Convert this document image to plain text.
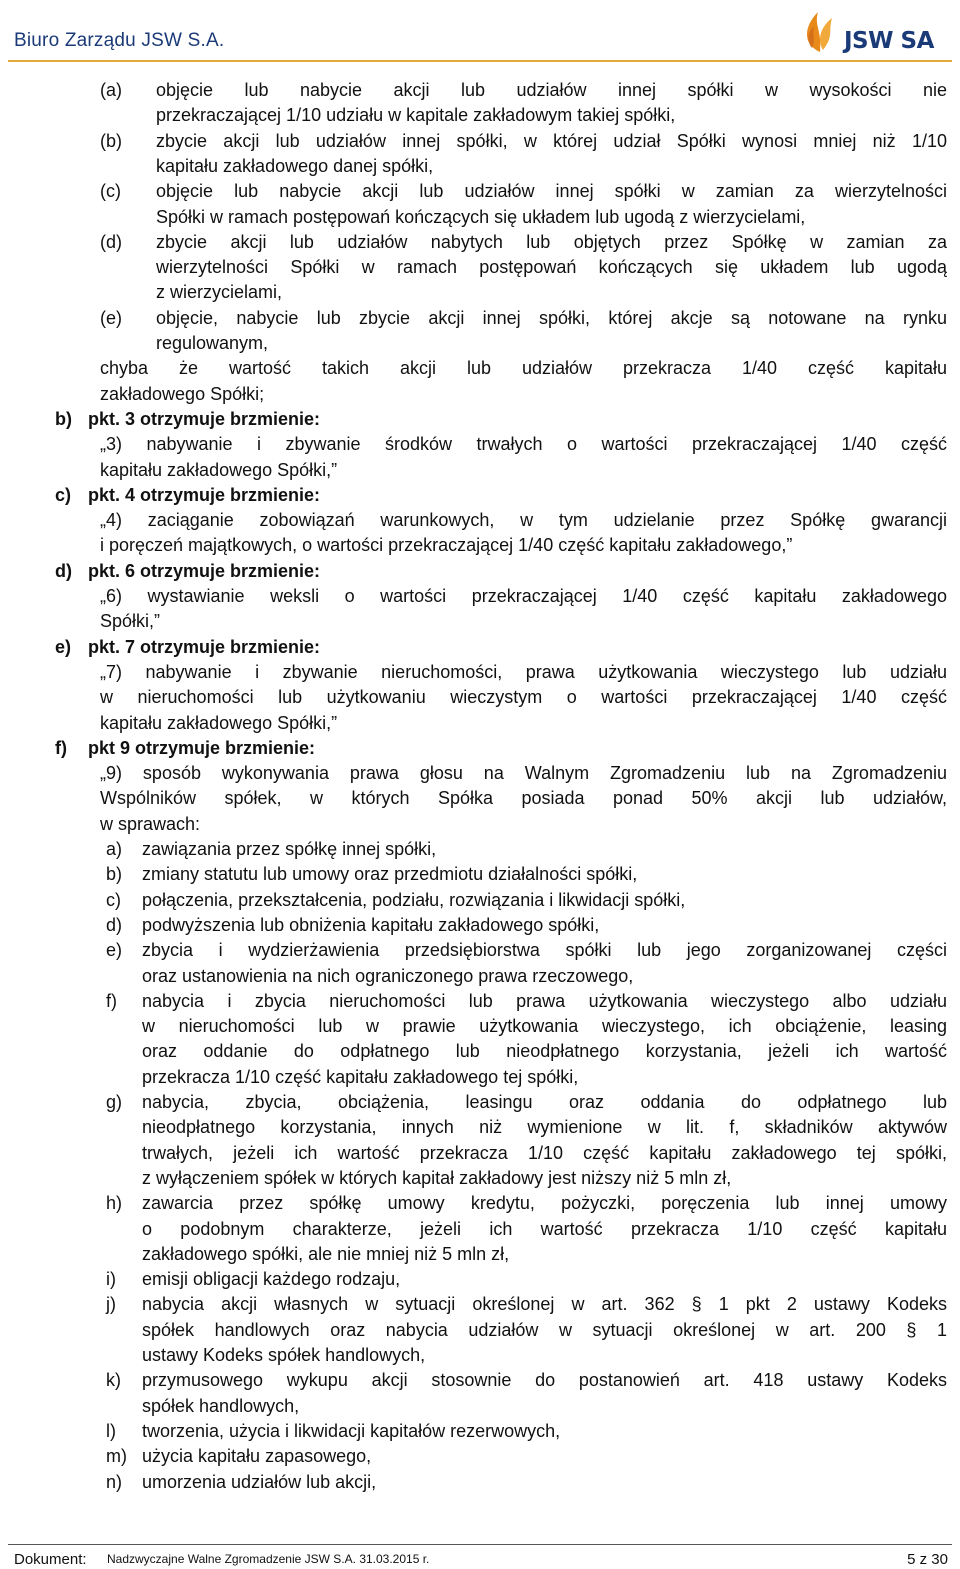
Biuro Zarządu JSW S.A.	JSW SA
(a) objęcie lub nabycie akcji lub udziałów innej spółki w wysokości nie
przekraczającej 1/10 udziału w kapitale zakładowym takiej spółki,
(b) zbycie akcji lub udziałów innej spółki, w której udział Spółki wynosi mniej niż 1/10
kapitału zakładowego danej spółki,
(c) objęcie lub nabycie akcji lub udziałów innej spółki w zamian za wierzytelności
Spółki w ramach postępowań kończących się układem lub ugodą z wierzycielami,
(d) zbycie akcji lub udziałów nabytych lub objętych przez Spółkę w zamian za
wierzytelności Spółki w ramach postępowań kończących się układem lub ugodą
z wierzycielami,
(e) objęcie, nabycie lub zbycie akcji innej spółki, której akcje są notowane na rynku
regulowanym,
chyba że wartość takich akcji lub udziałów przekracza 1/40 część kapitału
zakładowego Spółki;
b) pkt. 3 otrzymuje brzmienie:
„3) nabywanie i zbywanie środków trwałych o wartości przekraczającej 1/40 część
kapitału zakładowego Spółki,”
c) pkt. 4 otrzymuje brzmienie:
„4) zaciąganie zobowiązań warunkowych, w tym udzielanie przez Spółkę gwarancji
i poręczeń majątkowych, o wartości przekraczającej 1/40 część kapitału zakładowego,”
d) pkt. 6 otrzymuje brzmienie:
„6) wystawianie weksli o wartości przekraczającej 1/40 część kapitału zakładowego
Spółki,”
e) pkt. 7 otrzymuje brzmienie:
„7) nabywanie i zbywanie nieruchomości, prawa użytkowania wieczystego lub udziału
w nieruchomości lub użytkowaniu wieczystym o wartości przekraczającej 1/40 część
kapitału zakładowego Spółki,”
f) pkt 9 otrzymuje brzmienie:
„9) sposób wykonywania prawa głosu na Walnym Zgromadzeniu lub na Zgromadzeniu
Wspólników spółek, w których Spółka posiada ponad 50% akcji lub udziałów,
w sprawach:
a) zawiązania przez spółkę innej spółki,
b) zmiany statutu lub umowy oraz przedmiotu działalności spółki,
c) połączenia, przekształcenia, podziału, rozwiązania i likwidacji spółki,
d) podwyższenia lub obniżenia kapitału zakładowego spółki,
e) zbycia i wydzierżawienia przedsiębiorstwa spółki lub jego zorganizowanej części
oraz ustanowienia na nich ograniczonego prawa rzeczowego,
f) nabycia i zbycia nieruchomości lub prawa użytkowania wieczystego albo udziału
w nieruchomości lub w prawie użytkowania wieczystego, ich obciążenie, leasing
oraz oddanie do odpłatnego lub nieodpłatnego korzystania, jeżeli ich wartość
przekracza 1/10 część kapitału zakładowego tej spółki,
g) nabycia, zbycia, obciążenia, leasingu oraz oddania do odpłatnego lub
nieodpłatnego korzystania, innych niż wymienione w lit. f, składników aktywów
trwałych, jeżeli ich wartość przekracza 1/10 część kapitału zakładowego tej spółki,
z wyłączeniem spółek w których kapitał zakładowy jest niższy niż 5 mln zł,
h) zawarcia przez spółkę umowy kredytu, pożyczki, poręczenia lub innej umowy
o podobnym charakterze, jeżeli ich wartość przekracza 1/10 część kapitału
zakładowego spółki, ale nie mniej niż 5 mln zł,
i) emisji obligacji każdego rodzaju,
j) nabycia akcji własnych w sytuacji określonej w art. 362 § 1 pkt 2 ustawy Kodeks
spółek handlowych oraz nabycia udziałów w sytuacji określonej w art. 200 § 1
ustawy Kodeks spółek handlowych,
k) przymusowego wykupu akcji stosownie do postanowień art. 418 ustawy Kodeks
spółek handlowych,
l) tworzenia, użycia i likwidacji kapitałów rezerwowych,
m) użycia kapitału zapasowego,
n) umorzenia udziałów lub akcji,
Dokument: Nadzwyczajne Walne Zgromadzenie JSW S.A. 31.03.2015 r.	5 z 30
